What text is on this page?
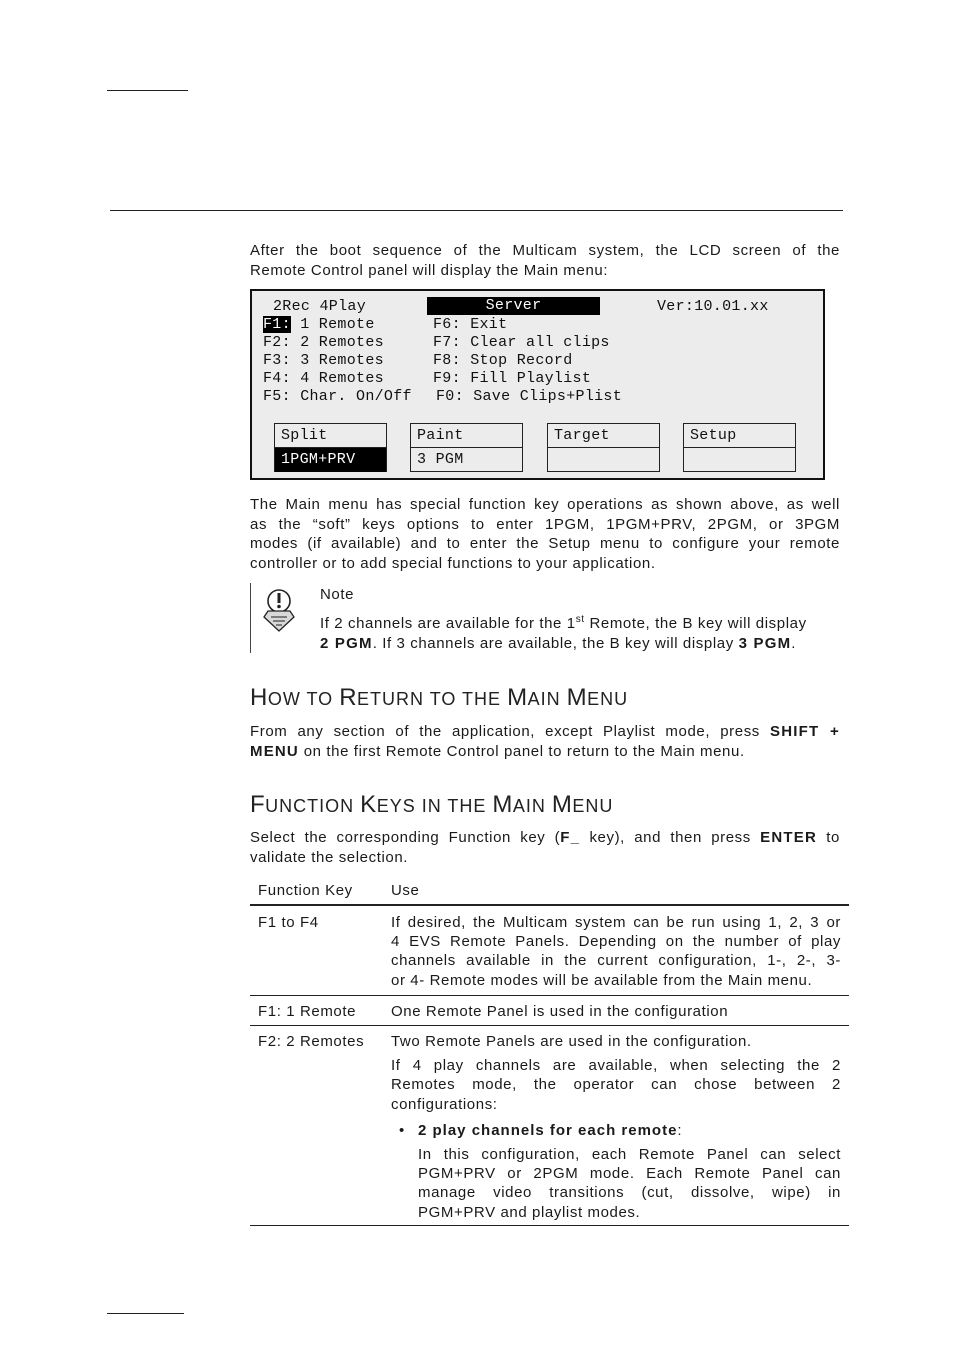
After the boot sequence of the Multicam system, the LCD screen of the
Remote Control panel will display the Main menu:
2Rec 4Play	Server	Ver:10.01.xx
F1: 1 Remote	F6: Exit
F2: 2 Remotes	F7: Clear all clips
F3: 3 Remotes	F8: Stop Record
F4: 4 Remotes	F9: Fill Playlist
F5: Char. On/Off F0: Save Clips+Plist
Split
1PGM+PRV
Paint
3 PGM
Target	Setup
The Main menu has special function key operations as shown above, as well
as the “soft” keys options to enter 1PGM, 1PGM+PRV, 2PGM, or 3PGM
modes (if available) and to enter the Setup menu to configure your remote
controller or to add special functions to your application.
Note
If 2 channels are available for the 1st Remote, the B key will display
2 PGM. If 3 channels are available, the B key will display 3 PGM.
HOW TO RETURN TO THE MAIN MENU
From any section of the application, except Playlist mode, press SHIFT +
MENU on the first Remote Control panel to return to the Main menu.
FUNCTION KEYS IN THE MAIN MENU
Select the corresponding Function key (F_ key), and then press ENTER to
validate the selection.
Function Key	Use
F1 to F4	If desired, the Multicam system can be run using 1, 2, 3 or
4 EVS Remote Panels. Depending on the number of play
channels available in the current configuration, 1-, 2-, 3-
or 4- Remote modes will be available from the Main menu.
F1: 1 Remote	One Remote Panel is used in the configuration
F2: 2 Remotes	Two Remote Panels are used in the configuration.
If 4 play channels are available, when selecting the 2
Remotes mode, the operator can chose between 2
configurations:
• 2 play channels for each remote:
In this configuration, each Remote Panel can select
PGM+PRV or 2PGM mode. Each Remote Panel can
manage video transitions (cut, dissolve, wipe) in
PGM+PRV and playlist modes.
